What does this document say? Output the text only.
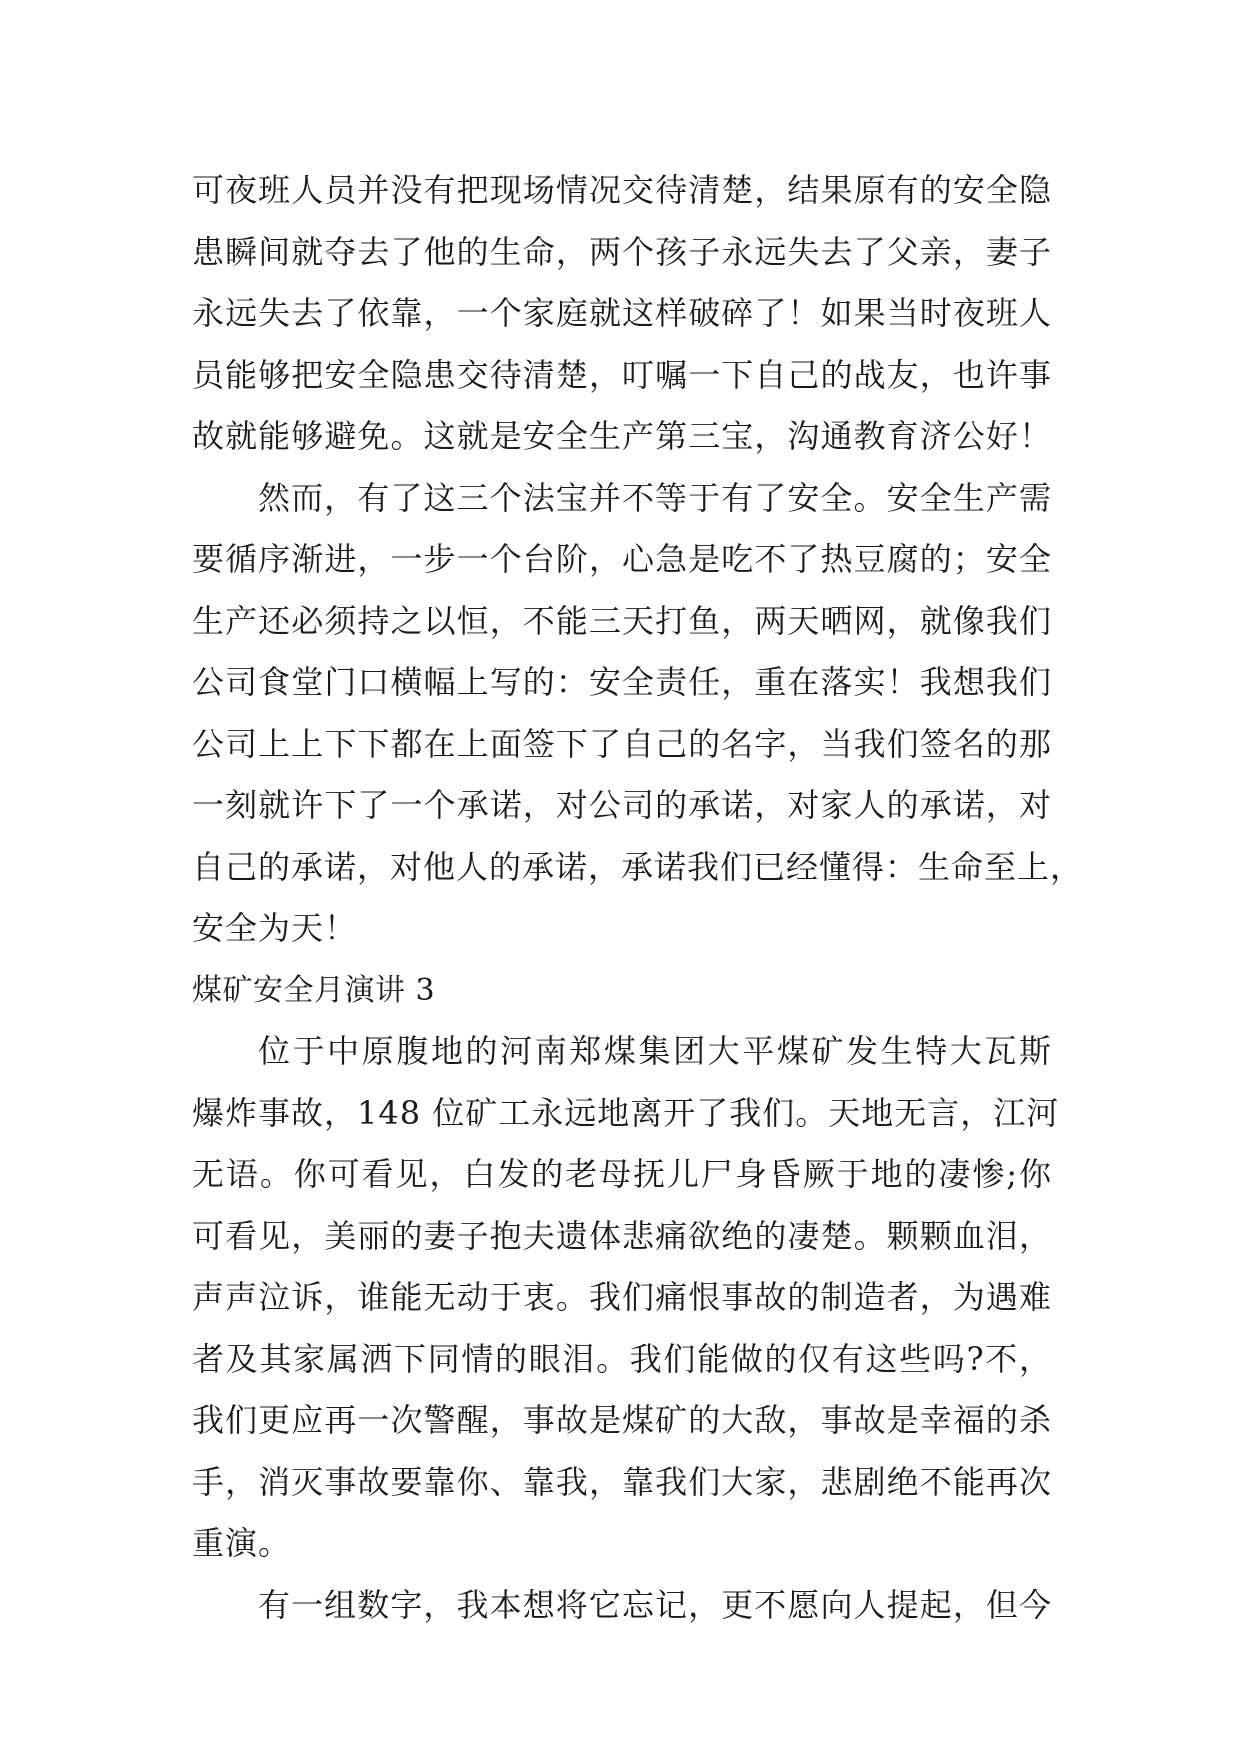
可夜班人员并没有把现场情况交待清楚，结果原有的安全隐
患瞬间就夺去了他的生命，两个孩子永远失去了父亲，妻子
永远失去了依靠，一个家庭就这样破碎了！如果当时夜班人
员能够把安全隐患交待清楚，叮嘱一下自己的战友，也许事
故就能够避免。这就是安全生产第三宝，沟通教育济公好！
然而，有了这三个法宝并不等于有了安全。安全生产需
要循序渐进，一步一个台阶，心急是吃不了热豆腐的；安全
生产还必须持之以恒，不能三天打鱼，两天晒网，就像我们
公司食堂门口横幅上写的：安全责任，重在落实！我想我们
公司上上下下都在上面签下了自己的名字，当我们签名的那
一刻就许下了一个承诺，对公司的承诺，对家人的承诺，对
自己的承诺，对他人的承诺，承诺我们已经懂得：生命至上，
安全为天！
煤矿安全月演讲 3
位于中原腹地的河南郑煤集团大平煤矿发生特大瓦斯
爆炸事故，148 位矿工永远地离开了我们。天地无言，江河
无语。你可看见，白发的老母抚儿尸身昏厥于地的凄惨;你
可看见，美丽的妻子抱夫遗体悲痛欲绝的凄楚。颗颗血泪，
声声泣诉，谁能无动于衷。我们痛恨事故的制造者，为遇难
者及其家属洒下同情的眼泪。我们能做的仅有这些吗?不，
我们更应再一次警醒，事故是煤矿的大敌，事故是幸福的杀
手，消灭事故要靠你、靠我，靠我们大家，悲剧绝不能再次
重演。
有一组数字，我本想将它忘记，更不愿向人提起，但今
